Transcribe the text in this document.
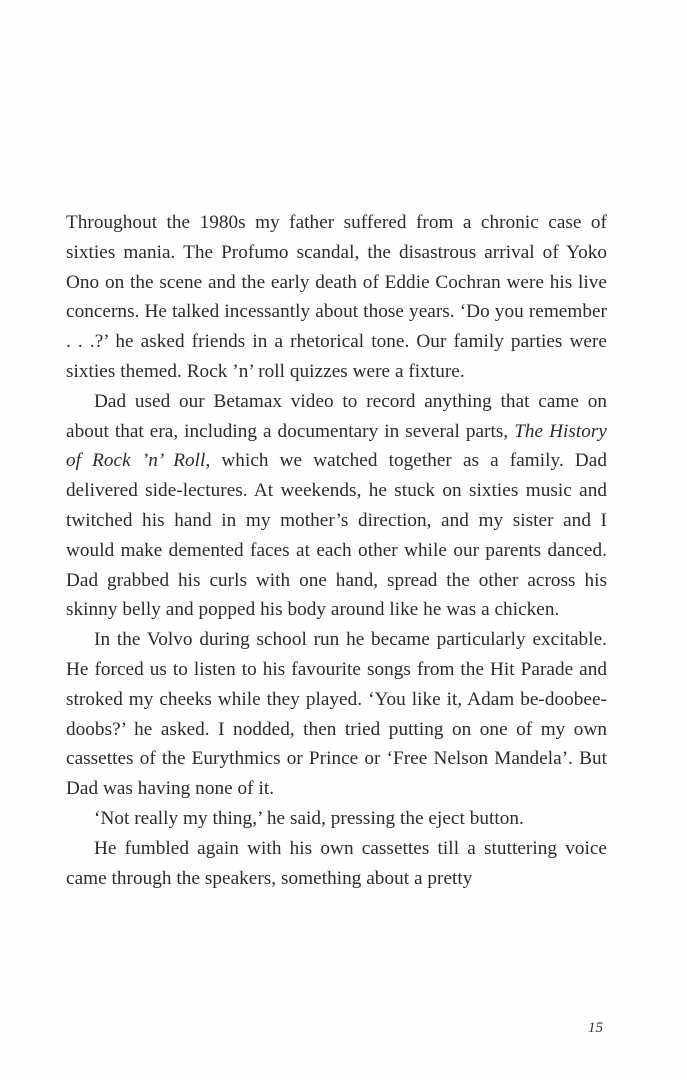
Throughout the 1980s my father suffered from a chronic case of sixties mania. The Profumo scandal, the disastrous arrival of Yoko Ono on the scene and the early death of Eddie Cochran were his live concerns. He talked incessantly about those years. ‘Do you remember . . .?’ he asked friends in a rhetorical tone. Our family parties were sixties themed. Rock ’n’ roll quizzes were a fixture.

Dad used our Betamax video to record anything that came on about that era, including a documentary in several parts, The History of Rock ’n’ Roll, which we watched together as a family. Dad delivered side-lectures. At weekends, he stuck on sixties music and twitched his hand in my mother’s direction, and my sister and I would make demented faces at each other while our parents danced. Dad grabbed his curls with one hand, spread the other across his skinny belly and popped his body around like he was a chicken.

In the Volvo during school run he became particularly excitable. He forced us to listen to his favourite songs from the Hit Parade and stroked my cheeks while they played. ‘You like it, Adam be-doobee-doobs?’ he asked. I nodded, then tried putting on one of my own cassettes of the Eurythmics or Prince or ‘Free Nelson Mandela’. But Dad was having none of it.

‘Not really my thing,’ he said, pressing the eject button.

He fumbled again with his own cassettes till a stuttering voice came through the speakers, something about a pretty

15
